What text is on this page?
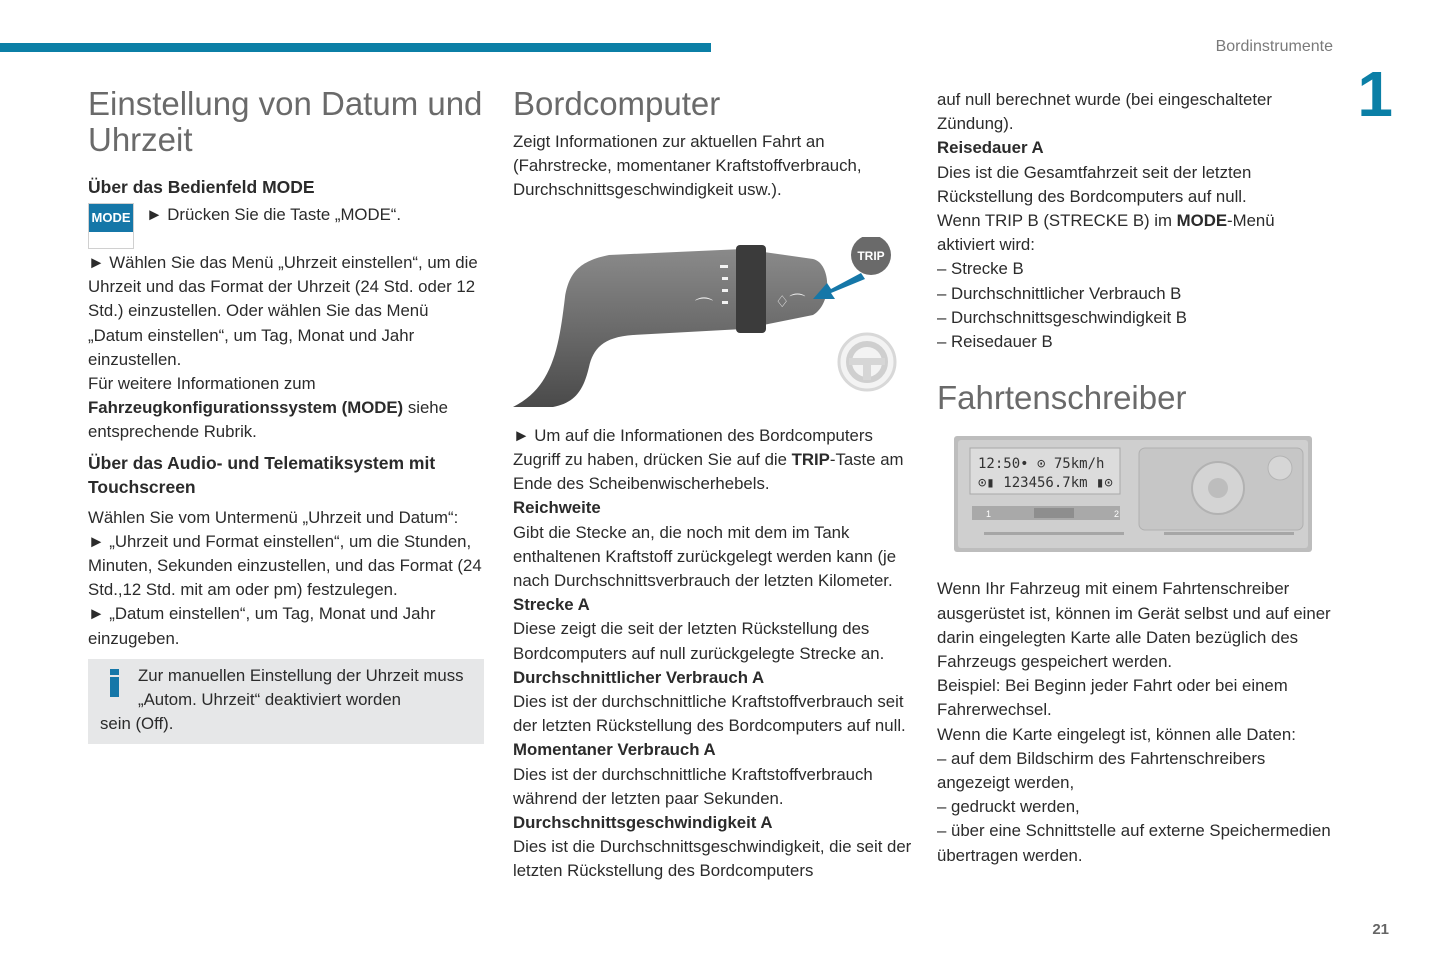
Bordinstrumente
1
21
Einstellung von Datum und Uhrzeit
Über das Bedienfeld MODE
MODE ► Drücken Sie die Taste „MODE“.

► Wählen Sie das Menü „Uhrzeit einstellen“, um die Uhrzeit und das Format der Uhrzeit (24 Std. oder 12 Std.) einzustellen. Oder wählen Sie das Menü „Datum einstellen“, um Tag, Monat und Jahr einzustellen.

Für weitere Informationen zum
Fahrzeugkonfigurationssystem (MODE) siehe entsprechende Rubrik.

Über das Audio- und Telematiksystem mit Touchscreen

Wählen Sie vom Untermenü „Uhrzeit und Datum“:

► „Uhrzeit und Format einstellen“, um die Stunden, Minuten, Sekunden einzustellen, und das Format (24 Std.,12 Std. mit am oder pm) festzulegen.

► „Datum einstellen“, um Tag, Monat und Jahr einzugeben.

Zur manuellen Einstellung der Uhrzeit muss „Autom. Uhrzeit“ deaktiviert worden

sein (Off).

Bordcomputer

Zeigt Informationen zur aktuellen Fahrt an (Fahrstrecke, momentaner Kraftstoffverbrauch, Durchschnittsgeschwindigkeit usw.).

⌒	♢⌒
TRIP

► Um auf die Informationen des Bordcomputers Zugriff zu haben, drücken Sie auf die TRIP-Taste am Ende des Scheibenwischerhebels.

Reichweite

Gibt die Stecke an, die noch mit dem im Tank enthaltenen Kraftstoff zurückgelegt werden kann (je nach Durchschnittsverbrauch der letzten Kilometer.

Strecke A

Diese zeigt die seit der letzten Rückstellung des Bordcomputers auf null zurückgelegte Strecke an.

Durchschnittlicher Verbrauch A

Dies ist der durchschnittliche Kraftstoffverbrauch seit der letzten Rückstellung des Bordcomputers auf null.

Momentaner Verbrauch A

Dies ist der durchschnittliche Kraftstoffverbrauch während der letzten paar Sekunden.

Durchschnittsgeschwindigkeit A

Dies ist die Durchschnittsgeschwindigkeit, die seit der letzten Rückstellung des Bordcomputers

auf null berechnet wurde (bei eingeschalteter Zündung).

Reisedauer A

Dies ist die Gesamtfahrzeit seit der letzten Rückstellung des Bordcomputers auf null.

Wenn TRIP B (STRECKE B) im MODE-Menü aktiviert wird:

– Strecke B

– Durchschnittlicher Verbrauch B

– Durchschnittsgeschwindigkeit B

– Reisedauer B

Fahrtenschreiber
12:50• ⊙ 75km/h
⊙▮ 123456.7km ▮⊙
1	2

Wenn Ihr Fahrzeug mit einem Fahrtenschreiber ausgerüstet ist, können im Gerät selbst und auf einer darin eingelegten Karte alle Daten bezüglich des Fahrzeugs gespeichert werden.

Beispiel: Bei Beginn jeder Fahrt oder bei einem Fahrerwechsel.

Wenn die Karte eingelegt ist, können alle Daten:

– auf dem Bildschirm des Fahrtenschreibers angezeigt werden,

– gedruckt werden,

– über eine Schnittstelle auf externe Speichermedien übertragen werden.
